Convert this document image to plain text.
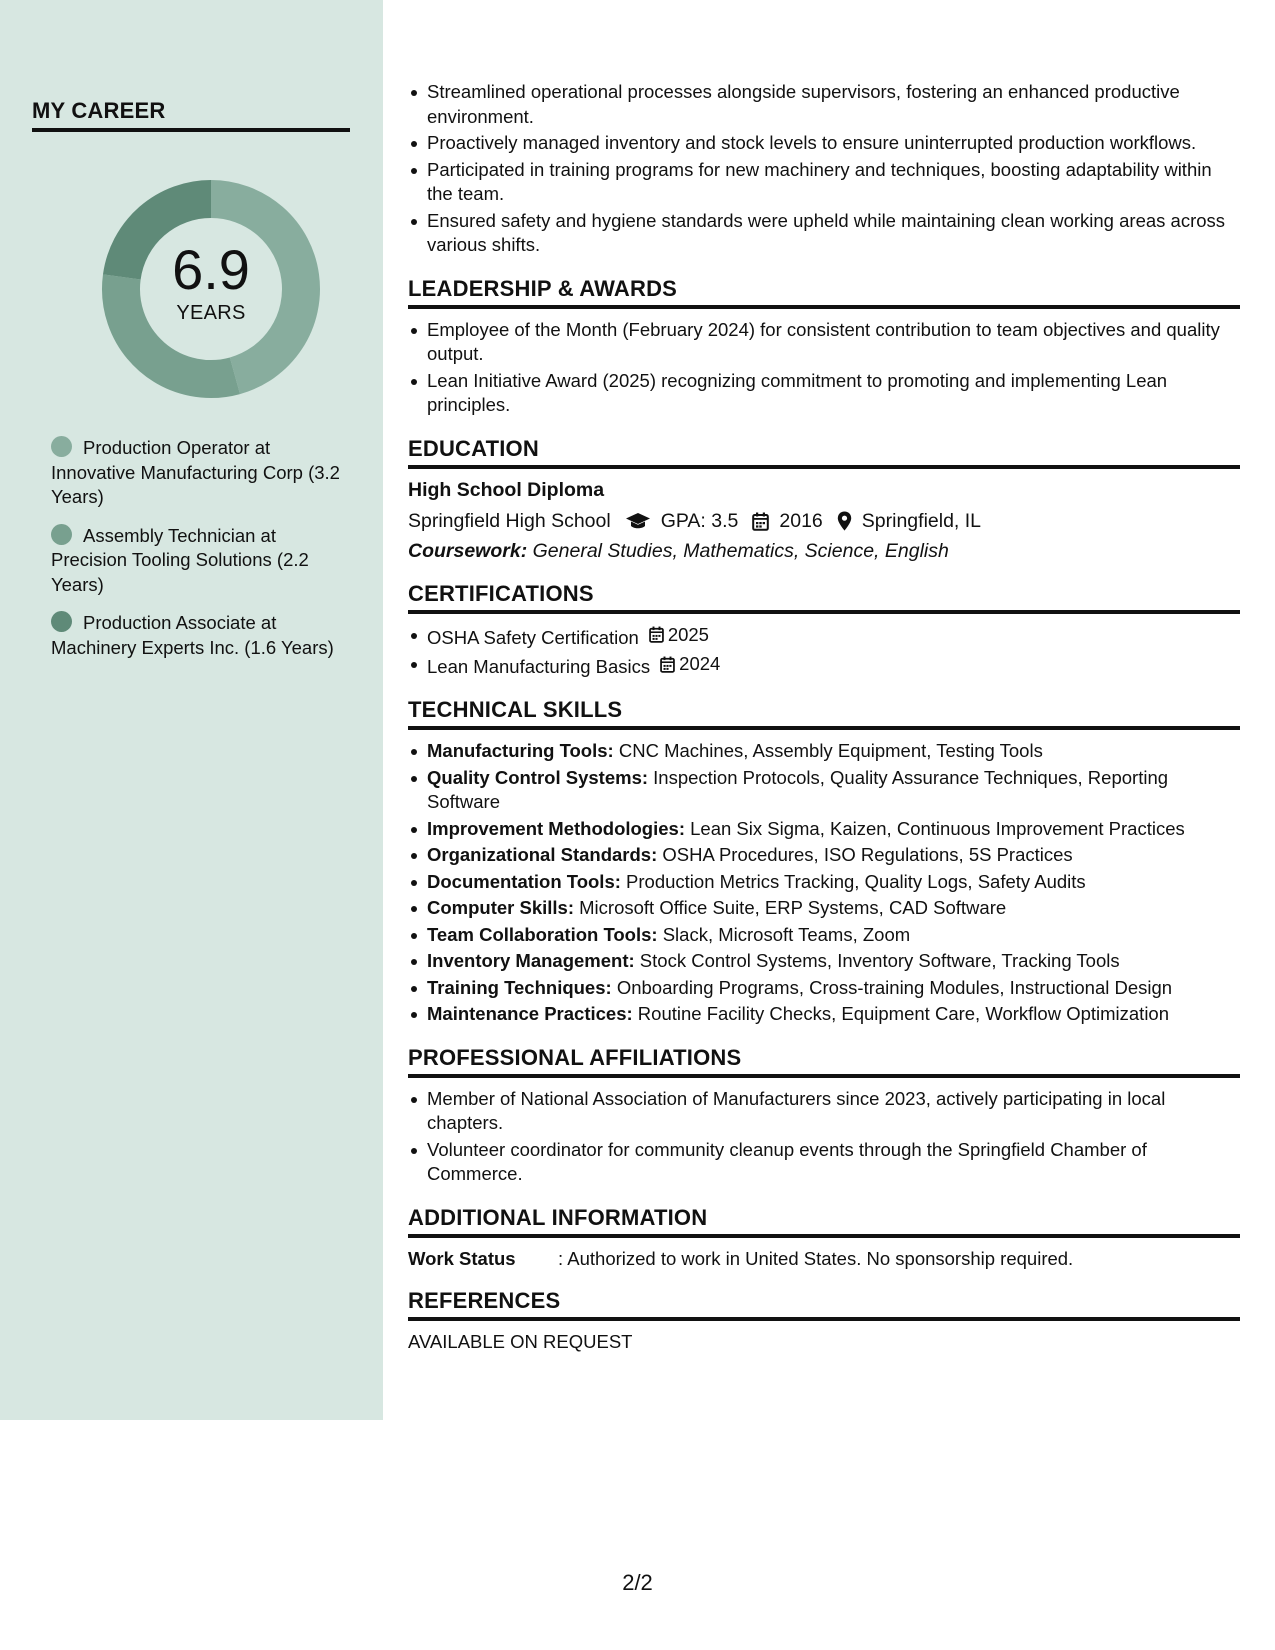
MY CAREER
6.9
YEARS
Production Operator at Innovative Manufacturing Corp (3.2 Years)
Assembly Technician at Precision Tooling Solutions (2.2 Years)
Production Associate at Machinery Experts Inc. (1.6 Years)
Streamlined operational processes alongside supervisors, fostering an enhanced productive environment.
Proactively managed inventory and stock levels to ensure uninterrupted production workflows.
Participated in training programs for new machinery and techniques, boosting adaptability within the team.
Ensured safety and hygiene standards were upheld while maintaining clean working areas across various shifts.
LEADERSHIP & AWARDS
Employee of the Month (February 2024) for consistent contribution to team objectives and quality output.
Lean Initiative Award (2025) recognizing commitment to promoting and implementing Lean principles.
EDUCATION
High School Diploma
Springfield High School	GPA: 3.5 2016 Springfield, IL
Coursework: General Studies, Mathematics, Science, English
CERTIFICATIONS
OSHA Safety Certification 2025
Lean Manufacturing Basics 2024
TECHNICAL SKILLS
Manufacturing Tools: CNC Machines, Assembly Equipment, Testing Tools
Quality Control Systems: Inspection Protocols, Quality Assurance Techniques, Reporting Software
Improvement Methodologies: Lean Six Sigma, Kaizen, Continuous Improvement Practices
Organizational Standards: OSHA Procedures, ISO Regulations, 5S Practices
Documentation Tools: Production Metrics Tracking, Quality Logs, Safety Audits
Computer Skills: Microsoft Office Suite, ERP Systems, CAD Software
Team Collaboration Tools: Slack, Microsoft Teams, Zoom
Inventory Management: Stock Control Systems, Inventory Software, Tracking Tools
Training Techniques: Onboarding Programs, Cross-training Modules, Instructional Design
Maintenance Practices: Routine Facility Checks, Equipment Care, Workflow Optimization
PROFESSIONAL AFFILIATIONS
Member of National Association of Manufacturers since 2023, actively participating in local chapters.
Volunteer coordinator for community cleanup events through the Springfield Chamber of Commerce.
ADDITIONAL INFORMATION
Work Status	: Authorized to work in United States. No sponsorship required.
REFERENCES
AVAILABLE ON REQUEST
2/2
